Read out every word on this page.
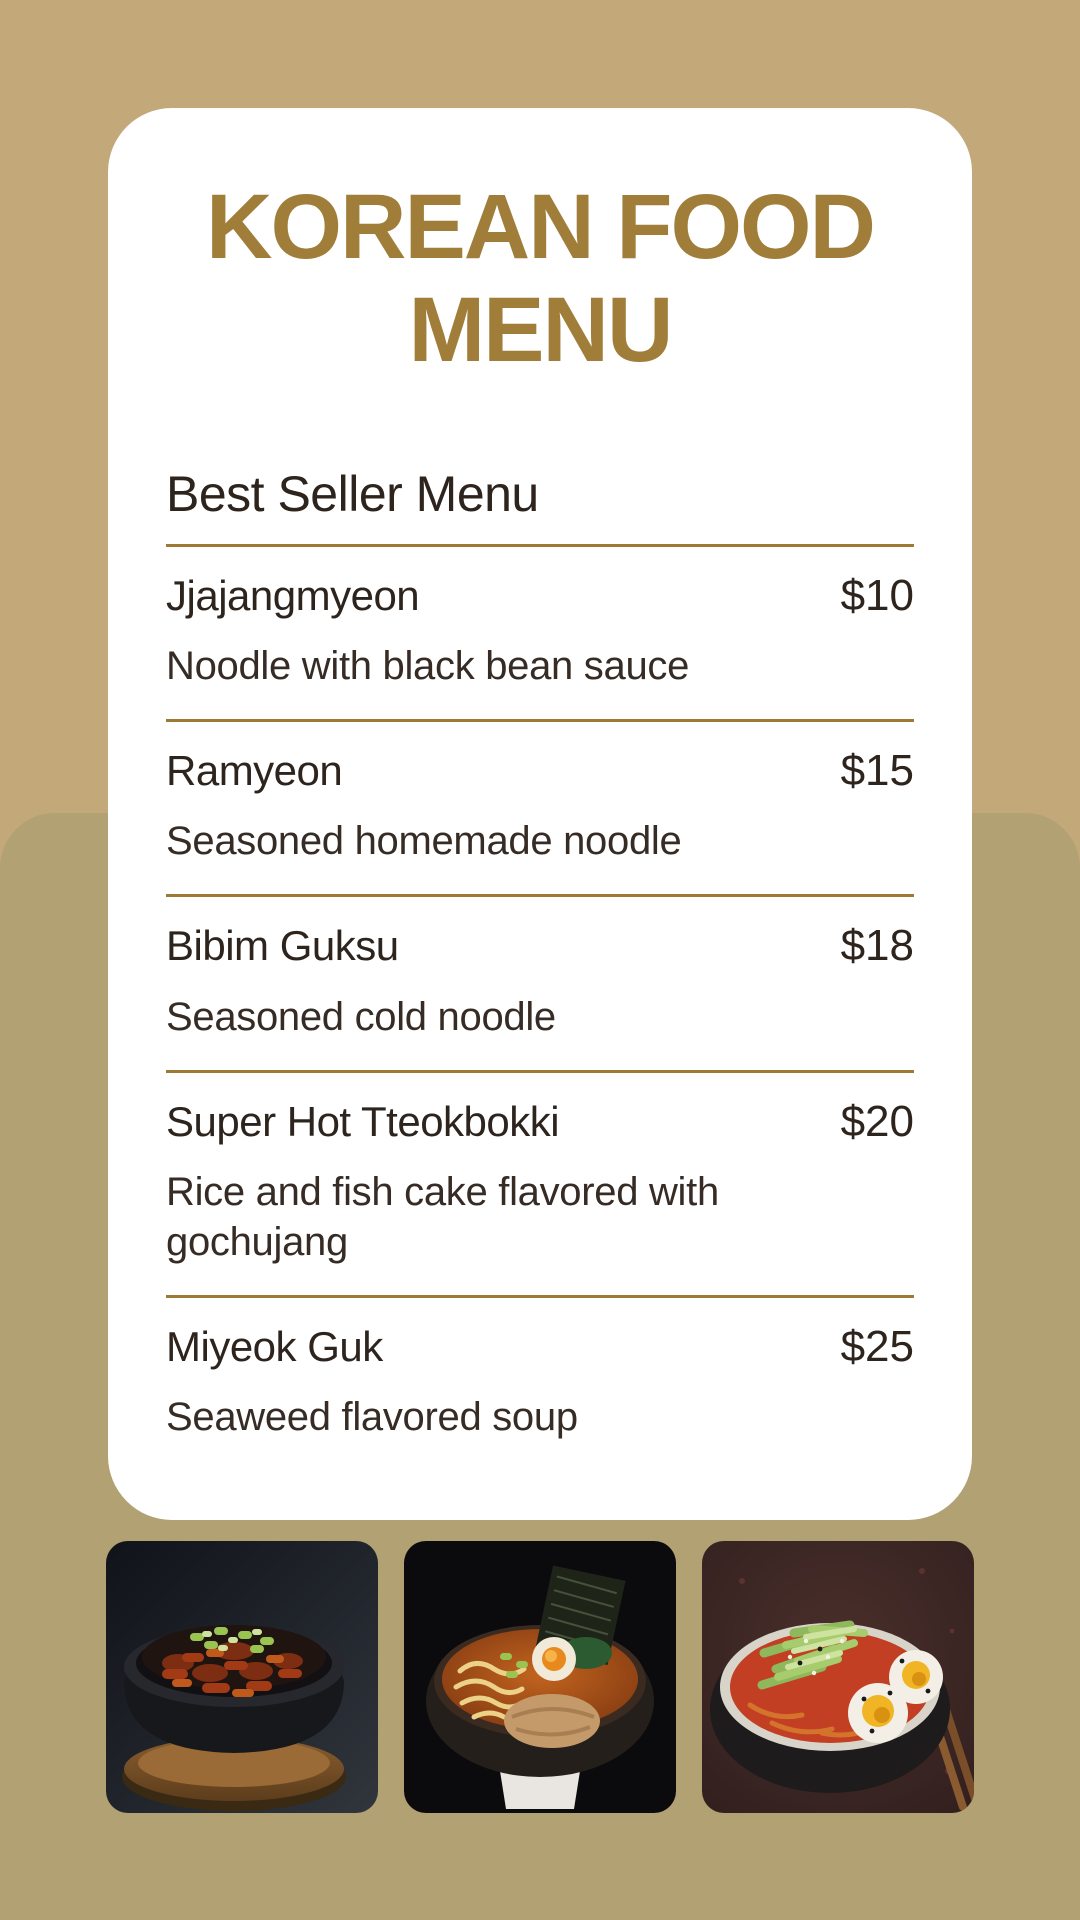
KOREAN FOOD MENU
Best Seller Menu
Jjajangmyeon	$10

Noodle with black bean sauce

Ramyeon	$15

Seasoned homemade noodle

Bibim Guksu	$18

Seasoned cold noodle

Super Hot Tteokbokki	$20

Rice and fish cake flavored with gochujang

Miyeok Guk	$25

Seaweed flavored soup
